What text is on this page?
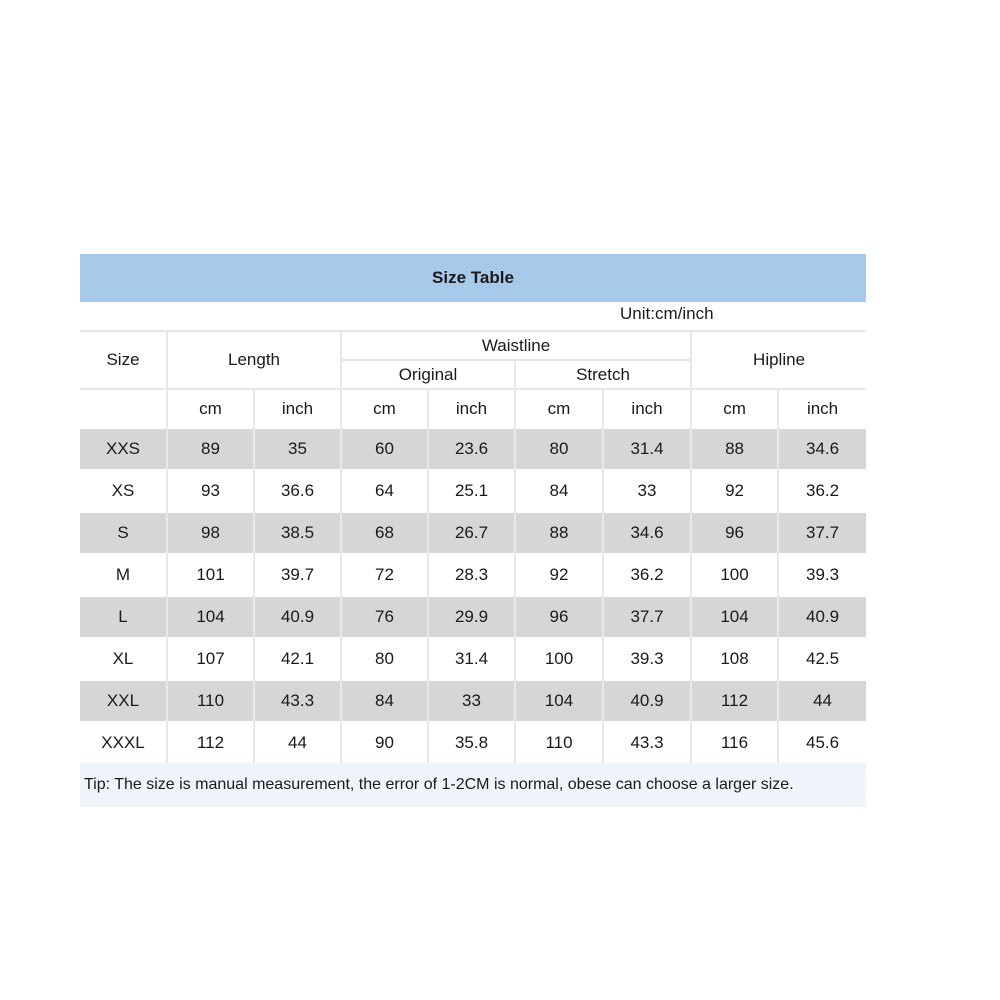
Size Table
Unit:cm/inch
Size	Length		Waistline				Hipline	
			Original		Stretch			
	cm	inch	cm	inch	cm	inch	cm	inch
XXS	89	35	60	23.6	80	31.4	88	34.6
XS	93	36.6	64	25.1	84	33	92	36.2
S	98	38.5	68	26.7	88	34.6	96	37.7
M	101	39.7	72	28.3	92	36.2	100	39.3
L	104	40.9	76	29.9	96	37.7	104	40.9
XL	107	42.1	80	31.4	100	39.3	108	42.5
XXL	110	43.3	84	33	104	40.9	112	44
XXXL	112	44	90	35.8	110	43.3	116	45.6
Tip: The size is manual measurement, the error of 1-2CM is normal, obese can choose a larger size.
